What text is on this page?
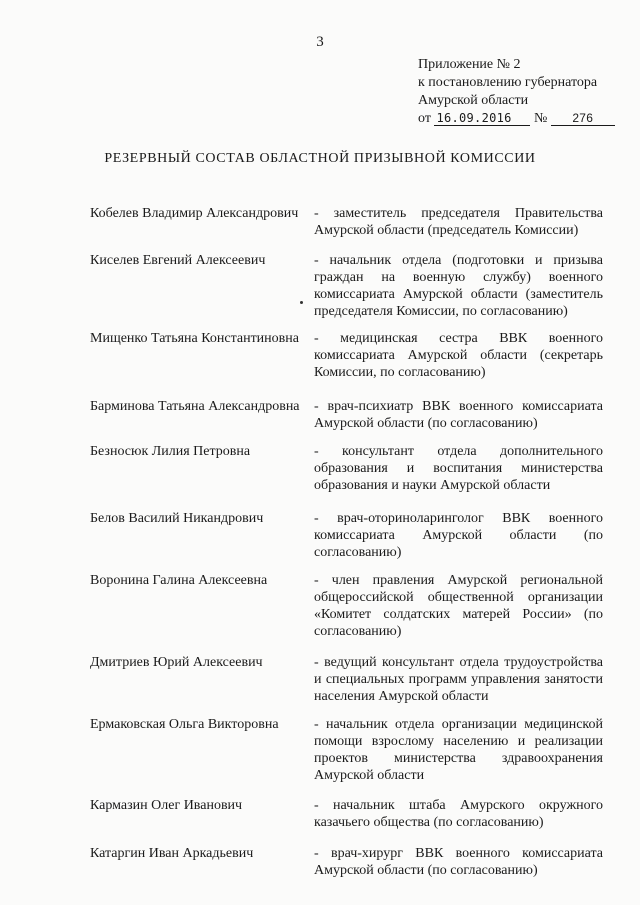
3
Приложение № 2
к постановлению губернатора
Амурской области
от 16.09.2016 № 276
РЕЗЕРВНЫЙ СОСТАВ ОБЛАСТНОЙ ПРИЗЫВНОЙ КОМИССИИ
Кобелев Владимир Александрович	- заместитель председателя Правительства Амурской области (председатель Комиссии)
Киселев Евгений Алексеевич	- начальник отдела (подготовки и призыва граждан на военную службу) военного комиссариата Амурской области (заместитель председателя Комиссии, по согласованию)
Мищенко Татьяна Константиновна	- медицинская сестра ВВК военного комиссариата Амурской области (секретарь Комиссии, по согласованию)
Барминова Татьяна Александровна	- врач-психиатр ВВК военного комиссариата Амурской области (по согласованию)
Безносюк Лилия Петровна	- консультант отдела дополнительного образования и воспитания министерства образования и науки Амурской области
Белов Василий Никандрович	- врач-оториноларинголог ВВК военного комиссариата Амурской области (по согласованию)
Воронина Галина Алексеевна	- член правления Амурской региональной общероссийской общественной организации «Комитет солдатских матерей России» (по согласованию)
Дмитриев Юрий Алексеевич	- ведущий консультант отдела трудоустройства и специальных программ управления занятости населения Амурской области
Ермаковская Ольга Викторовна	- начальник отдела организации медицинской помощи взрослому населению и реализации проектов министерства здравоохранения Амурской области
Кармазин Олег Иванович	- начальник штаба Амурского окружного казачьего общества (по согласованию)
Катаргин Иван Аркадьевич	- врач-хирург ВВК военного комиссариата Амурской области (по согласованию)
